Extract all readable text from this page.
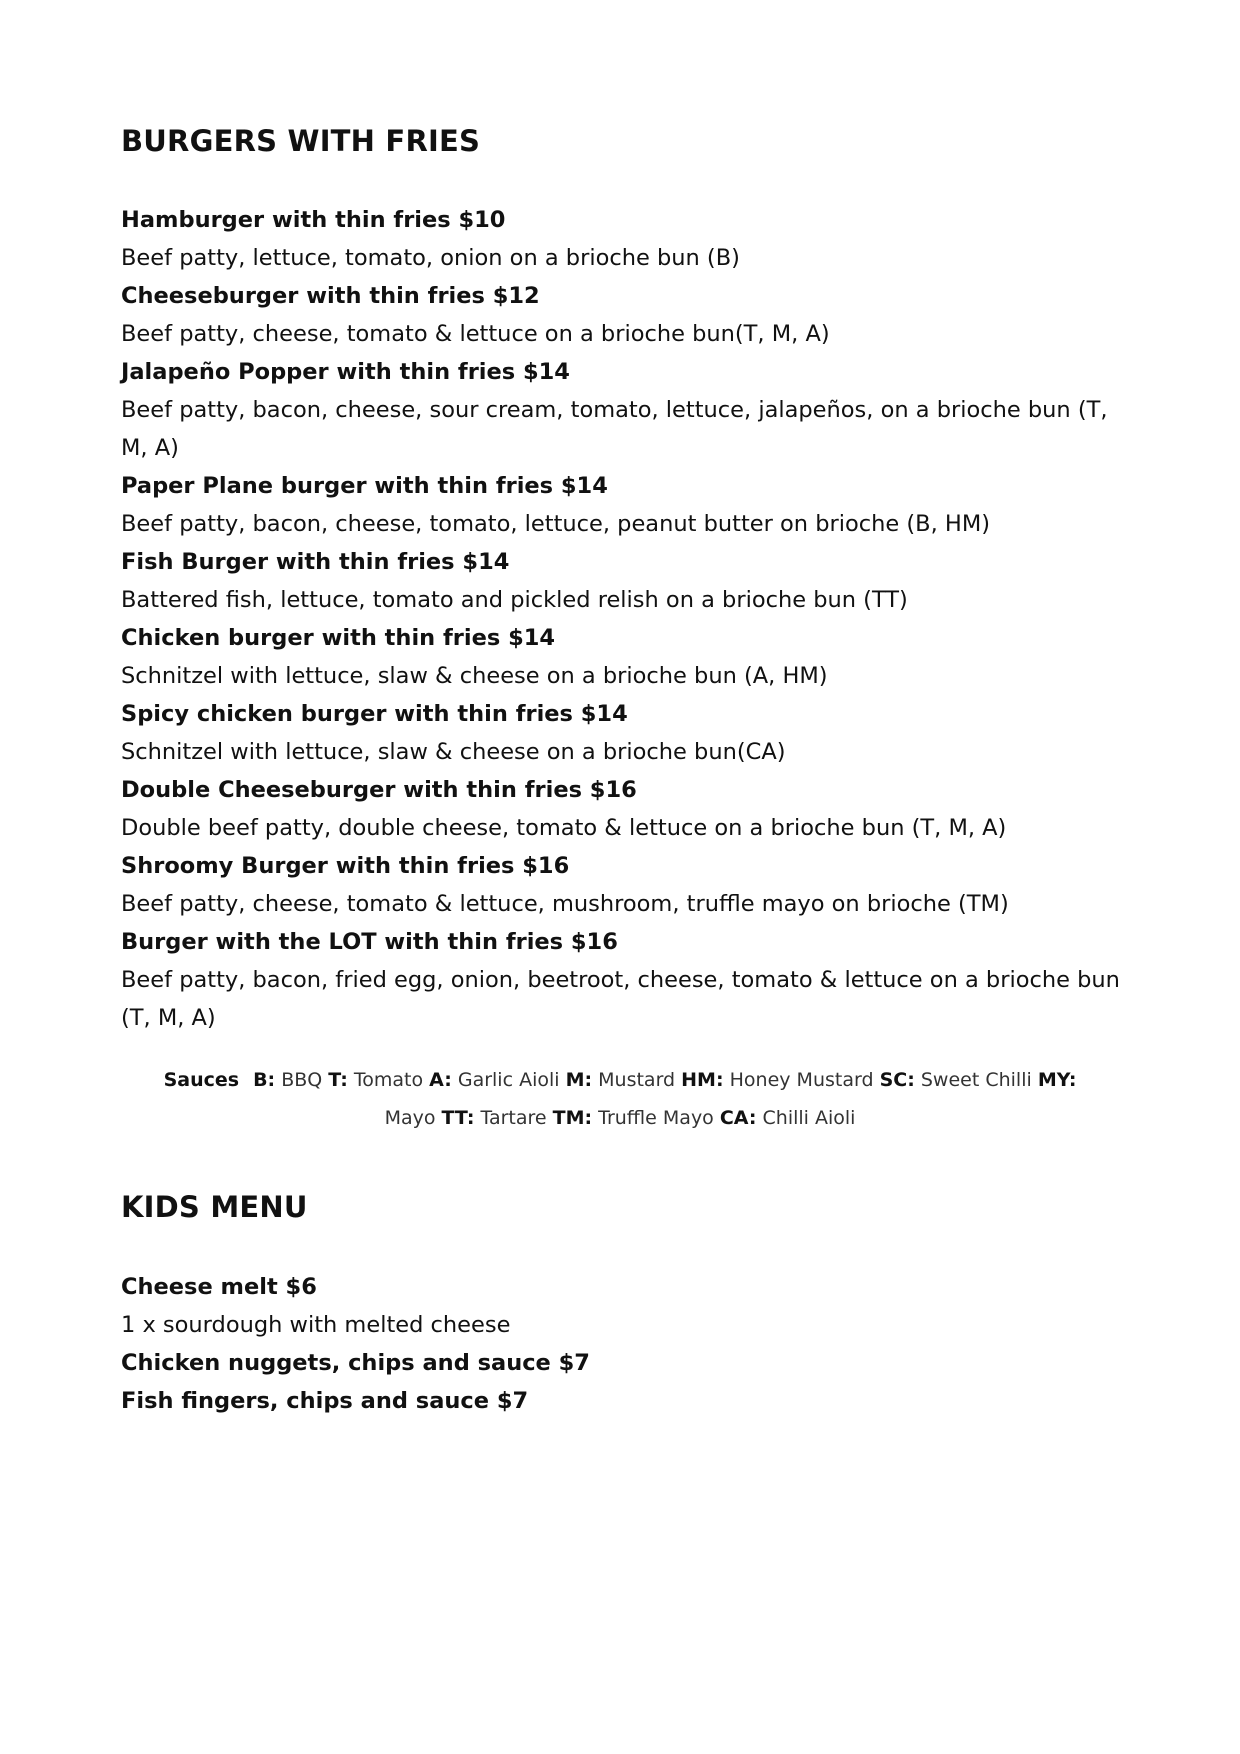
BURGERS WITH FRIES
Hamburger with thin fries $10
Beef patty, lettuce, tomato, onion on a brioche bun (B)
Cheeseburger with thin fries $12
Beef patty, cheese, tomato & lettuce on a brioche bun(T, M, A)
Jalapeño Popper with thin fries $14
Beef patty, bacon, cheese, sour cream, tomato, lettuce, jalapeños, on a brioche bun (T, M, A)
Paper Plane burger with thin fries $14
Beef patty, bacon, cheese, tomato, lettuce, peanut butter on brioche (B, HM)
Fish Burger with thin fries $14
Battered fish, lettuce, tomato and pickled relish on a brioche bun (TT)
Chicken burger with thin fries $14
Schnitzel with lettuce, slaw & cheese on a brioche bun (A, HM)
Spicy chicken burger with thin fries $14
Schnitzel with lettuce, slaw & cheese on a brioche bun(CA)
Double Cheeseburger with thin fries $16
Double beef patty, double cheese, tomato & lettuce on a brioche bun (T, M, A)
Shroomy Burger with thin fries $16
Beef patty, cheese, tomato & lettuce, mushroom, truffle mayo on brioche (TM)
Burger with the LOT with thin fries $16
Beef patty, bacon, fried egg, onion, beetroot, cheese, tomato & lettuce on a brioche bun (T, M, A)
Sauces B: BBQ T: Tomato A: Garlic Aioli M: Mustard HM: Honey Mustard SC: Sweet Chilli MY: Mayo TT: Tartare TM: Truffle Mayo CA: Chilli Aioli
KIDS MENU
Cheese melt $6
1 x sourdough with melted cheese
Chicken nuggets, chips and sauce $7
Fish fingers, chips and sauce $7
